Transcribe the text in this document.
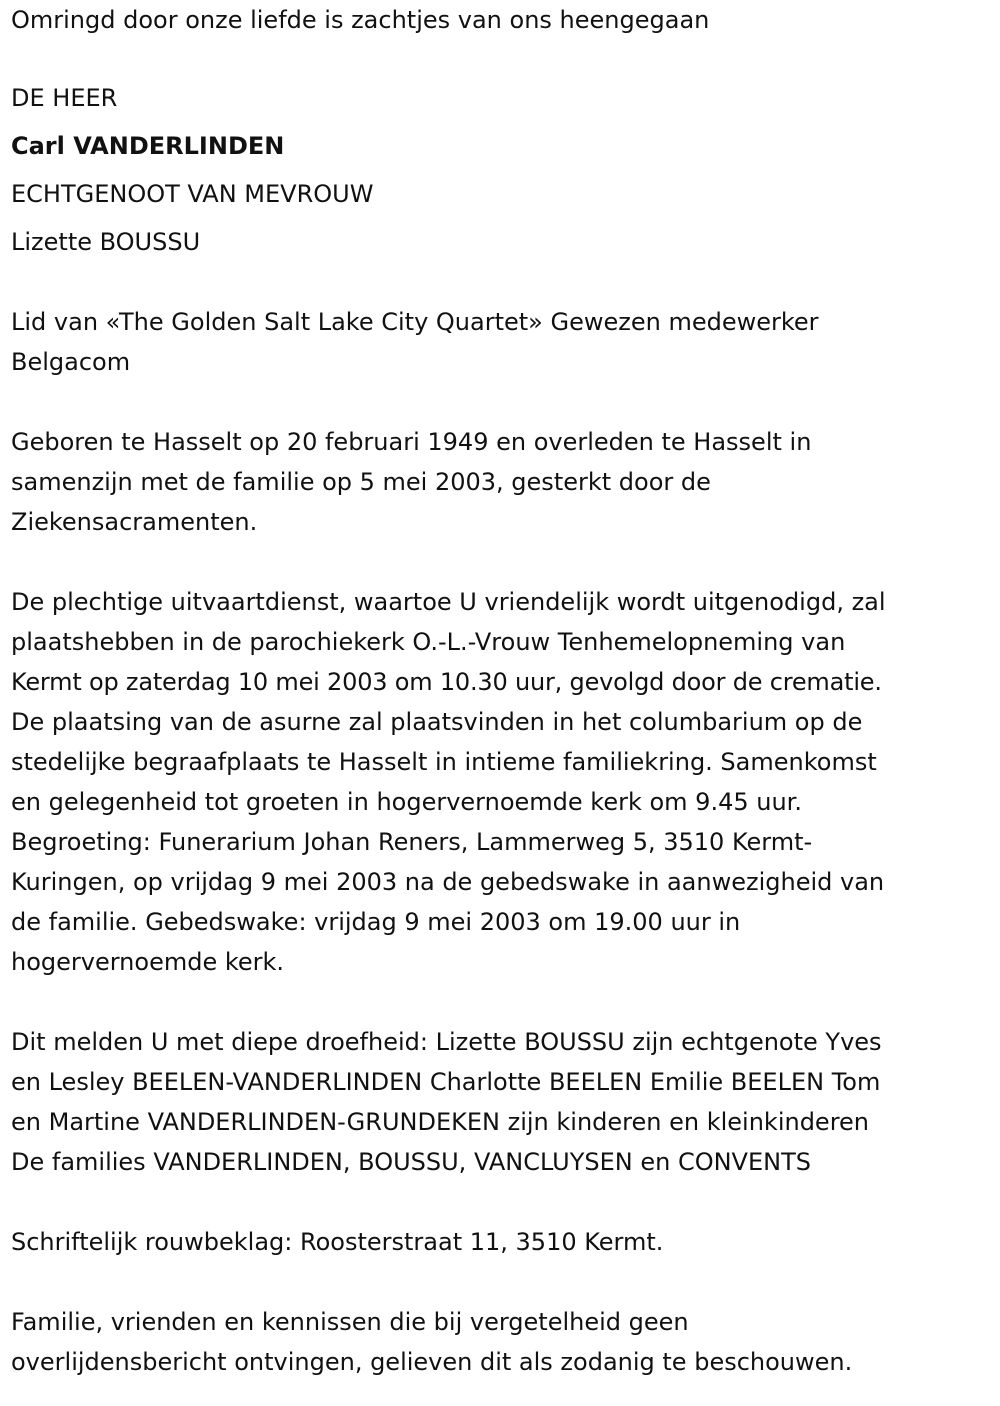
Omringd door onze liefde is zachtjes van ons heengegaan

DE HEER

Carl VANDERLINDEN

ECHTGENOOT VAN MEVROUW

Lizette BOUSSU

Lid van «The Golden Salt Lake City Quartet» Gewezen medewerker

Belgacom

Geboren te Hasselt op 20 februari 1949 en overleden te Hasselt in

samenzijn met de familie op 5 mei 2003, gesterkt door de

Ziekensacramenten.

De plechtige uitvaartdienst, waartoe U vriendelijk wordt uitgenodigd, zal

plaatshebben in de parochiekerk O.-L.-Vrouw Tenhemelopneming van

Kermt op zaterdag 10 mei 2003 om 10.30 uur, gevolgd door de crematie.

De plaatsing van de asurne zal plaatsvinden in het columbarium op de

stedelijke begraafplaats te Hasselt in intieme familiekring. Samenkomst

en gelegenheid tot groeten in hogervernoemde kerk om 9.45 uur.

Begroeting: Funerarium Johan Reners, Lammerweg 5, 3510 Kermt-

Kuringen, op vrijdag 9 mei 2003 na de gebedswake in aanwezigheid van

de familie. Gebedswake: vrijdag 9 mei 2003 om 19.00 uur in

hogervernoemde kerk.

Dit melden U met diepe droefheid: Lizette BOUSSU zijn echtgenote Yves

en Lesley BEELEN-VANDERLINDEN Charlotte BEELEN Emilie BEELEN Tom

en Martine VANDERLINDEN-GRUNDEKEN zijn kinderen en kleinkinderen

De families VANDERLINDEN, BOUSSU, VANCLUYSEN en CONVENTS

Schriftelijk rouwbeklag: Roosterstraat 11, 3510 Kermt.

Familie, vrienden en kennissen die bij vergetelheid geen

overlijdensbericht ontvingen, gelieven dit als zodanig te beschouwen.
